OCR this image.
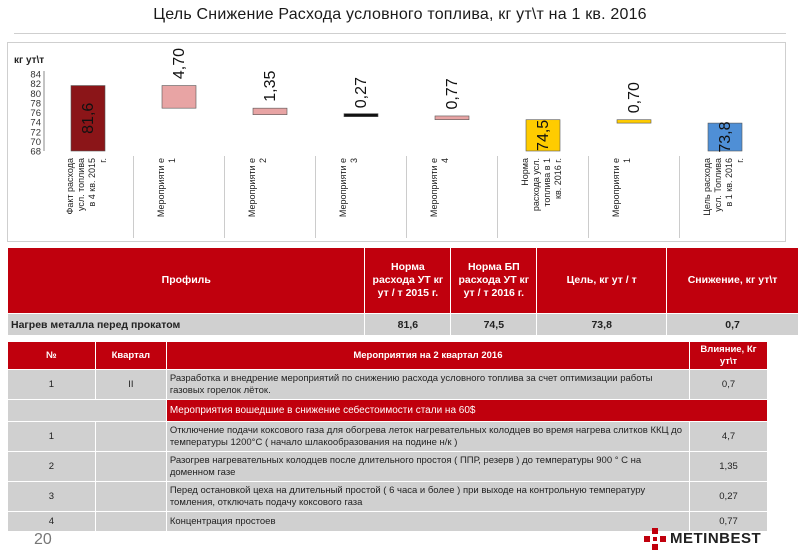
Цель Снижение Расхода условного топлива, кг ут\т на 1 кв. 2016
кг ут\т
84
82
80
78
76
74
72
70
68
81,6
4,70
1,35	0,27	0,77
74,5
0,70
73,8
Факт расхода усл. топлива в 4 кв. 2015 г.	Мероприяти е 1	Мероприяти е 2	Мероприяти е 3	Мероприяти е 4	Норма расхода усл. топлива в 1 кв. 2016 г.	Мероприяти е 1	Цель расхода усл. Топлива в 1 кв. 2016 г.
Профиль	Норма расхода УТ кг ут / т 2015 г.	Норма БП расхода УТ кг ут / т 2016 г.	Цель, кг ут / т	Снижение, кг ут\т
Нагрев металла перед прокатом	81,6	74,5	73,8	0,7
№	Квартал	Мероприятия на 2 квартал 2016	Влияние, Кг ут\т
1	II	Разработка и внедрение мероприятий по снижению расхода условного топлива за счет оптимизации работы газовых горелок лёток.	0,7
		Мероприятия вошедшие в снижение себестоимости стали на 60$	
1		Отключение подачи коксового газа для обогрева леток нагревательных колодцев во время нагрева слитков ККЦ до температуры 1200°С ( начало шлакообразования на подине н/к )	4,7
2		Разогрев нагревательных колодцев после длительного простоя ( ППР, резерв ) до температуры 900 ° С на доменном газе	1,35
3		Перед остановкой цеха на длительный простой ( 6 часа и более ) при выходе на контрольную температуру томления, отключать подачу коксового газа	0,27
4		Концентрация простоев	0,77
20	METINBEST
